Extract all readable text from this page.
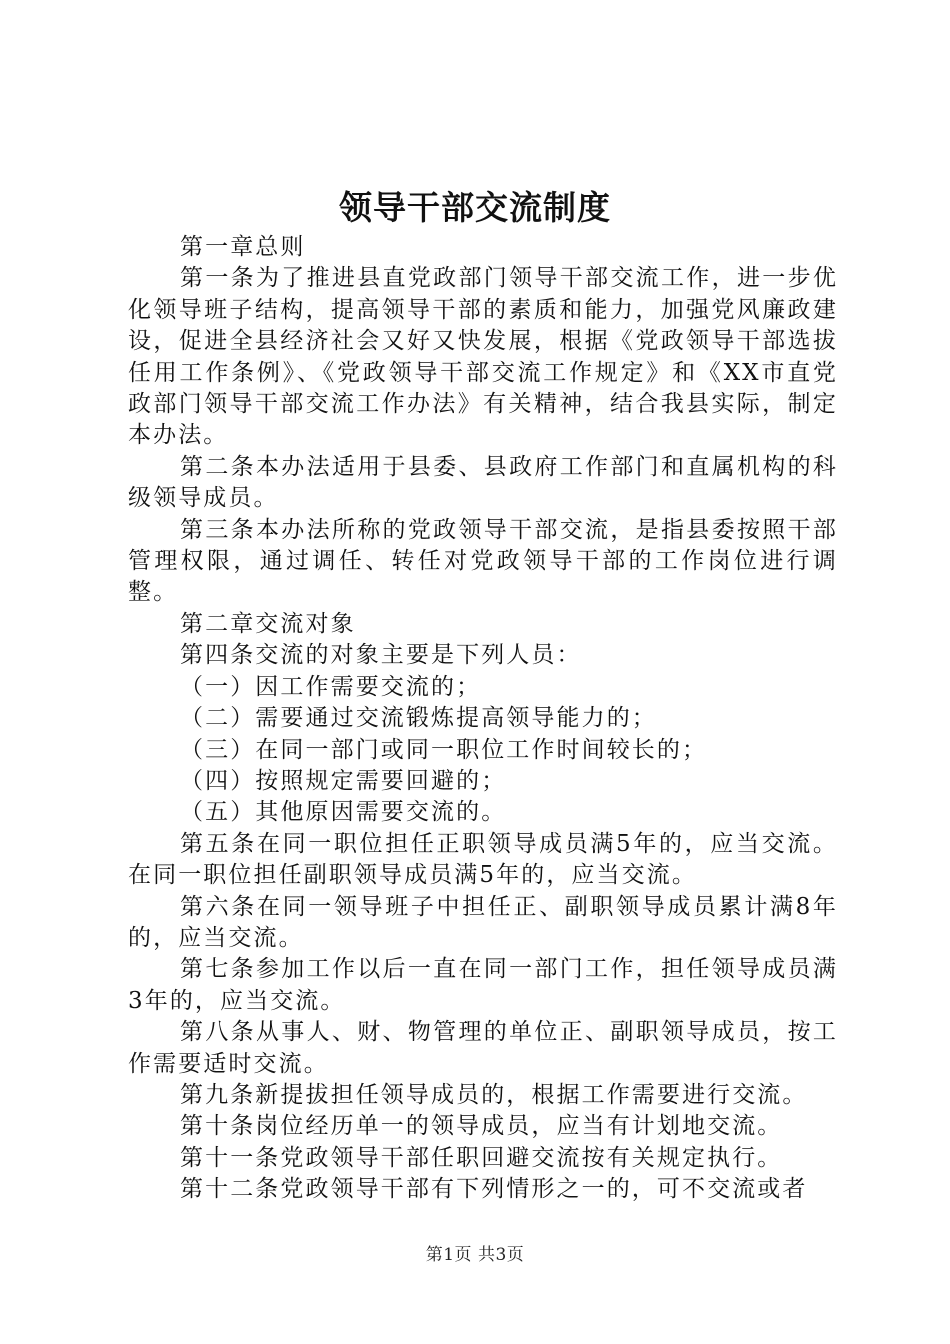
领导干部交流制度

第一章总则

第一条为了推进县直党政部门领导干部交流工作，进一步优化领导班子结构，提高领导干部的素质和能力，加强党风廉政建设，促进全县经济社会又好又快发展，根据《党政领导干部选拔任用工作条例》、《党政领导干部交流工作规定》和《XX市直党政部门领导干部交流工作办法》有关精神，结合我县实际，制定本办法。

第二条本办法适用于县委、县政府工作部门和直属机构的科级领导成员。

第三条本办法所称的党政领导干部交流，是指县委按照干部管理权限，通过调任、转任对党政领导干部的工作岗位进行调整。

第二章交流对象

第四条交流的对象主要是下列人员：

（一）因工作需要交流的；

（二）需要通过交流锻炼提高领导能力的；

（三）在同一部门或同一职位工作时间较长的；

（四）按照规定需要回避的；

（五）其他原因需要交流的。

第五条在同一职位担任正职领导成员满5年的，应当交流。在同一职位担任副职领导成员满5年的，应当交流。

第六条在同一领导班子中担任正、副职领导成员累计满8年的，应当交流。

第七条参加工作以后一直在同一部门工作，担任领导成员满3年的，应当交流。

第八条从事人、财、物管理的单位正、副职领导成员，按工作需要适时交流。

第九条新提拔担任领导成员的，根据工作需要进行交流。

第十条岗位经历单一的领导成员，应当有计划地交流。

第十一条党政领导干部任职回避交流按有关规定执行。

第十二条党政领导干部有下列情形之一的，可不交流或者

第1页 共3页
